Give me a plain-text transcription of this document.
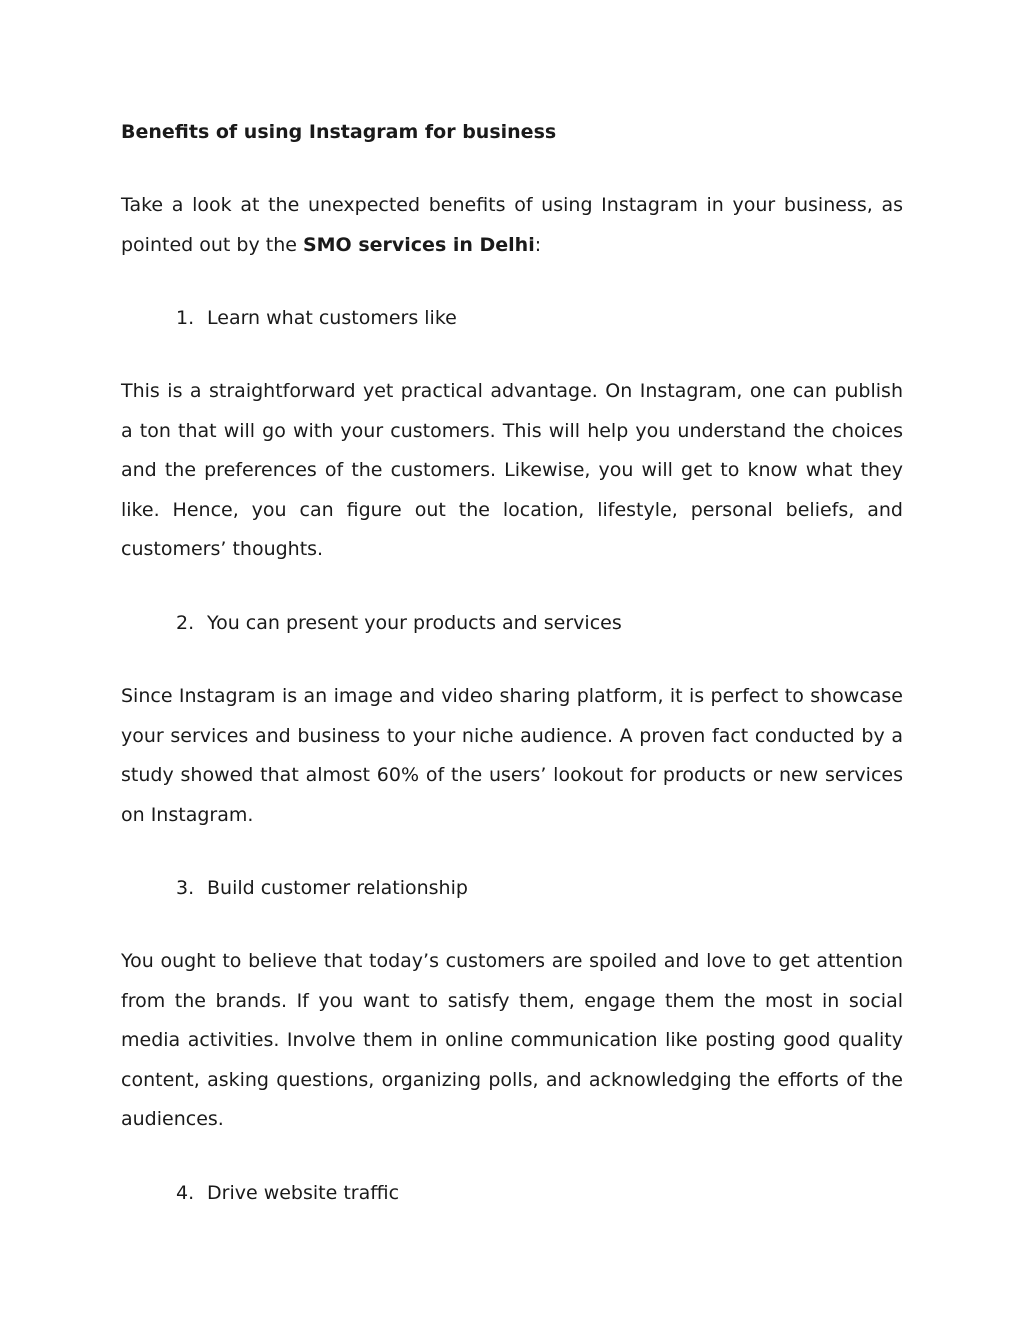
Benefits of using Instagram for business
Take a look at the unexpected benefits of using Instagram in your business, as pointed out by the SMO services in Delhi:
1. Learn what customers like
This is a straightforward yet practical advantage. On Instagram, one can publish a ton that will go with your customers. This will help you understand the choices and the preferences of the customers. Likewise, you will get to know what they like. Hence, you can figure out the location, lifestyle, personal beliefs, and customers’ thoughts.
2. You can present your products and services
Since Instagram is an image and video sharing platform, it is perfect to showcase your services and business to your niche audience. A proven fact conducted by a study showed that almost 60% of the users’ lookout for products or new services on Instagram.
3. Build customer relationship
You ought to believe that today’s customers are spoiled and love to get attention from the brands. If you want to satisfy them, engage them the most in social media activities. Involve them in online communication like posting good quality content, asking questions, organizing polls, and acknowledging the efforts of the audiences.
4. Drive website traffic
